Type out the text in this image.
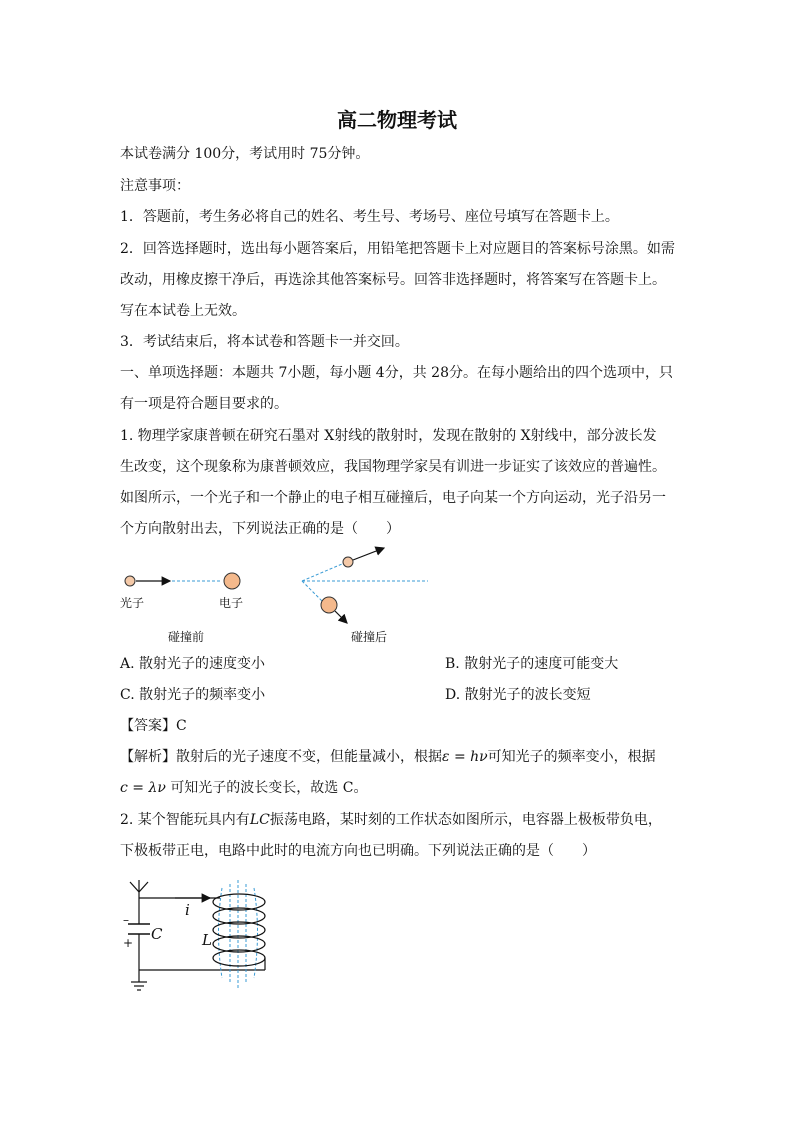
高二物理考试
本试卷满分 100分，考试用时 75分钟。
注意事项：
1．答题前，考生务必将自己的姓名、考生号、考场号、座位号填写在答题卡上。
2．回答选择题时，选出每小题答案后，用铅笔把答题卡上对应题目的答案标号涂黑。如需
改动，用橡皮擦干净后，再选涂其他答案标号。回答非选择题时，将答案写在答题卡上。
写在本试卷上无效。
3．考试结束后，将本试卷和答题卡一并交回。
一、单项选择题：本题共 7小题，每小题 4分，共 28分。在每小题给出的四个选项中，只
有一项是符合题目要求的。
1. 物理学家康普顿在研究石墨对 X射线的散射时，发现在散射的 X射线中，部分波长发
生改变，这个现象称为康普顿效应，我国物理学家吴有训进一步证实了该效应的普遍性。
如图所示，一个光子和一个静止的电子相互碰撞后，电子向某一个方向运动，光子沿另一
个方向散射出去，下列说法正确的是（　　）
光子	电子
碰撞前	碰撞后
A. 散射光子的速度变小	B. 散射光子的速度可能变大
C. 散射光子的频率变小	D. 散射光子的波长变短
【答案】C
【解析】散射后的光子速度不变，但能量减小，根据ε = hν可知光子的频率变小，根据
c = λν 可知光子的波长变长，故选 C。
2. 某个智能玩具内有LC振荡电路，某时刻的工作状态如图所示，电容器上极板带负电，
下极板带正电，电路中此时的电流方向也已明确。下列说法正确的是（　　）
i
C	L
–
+
